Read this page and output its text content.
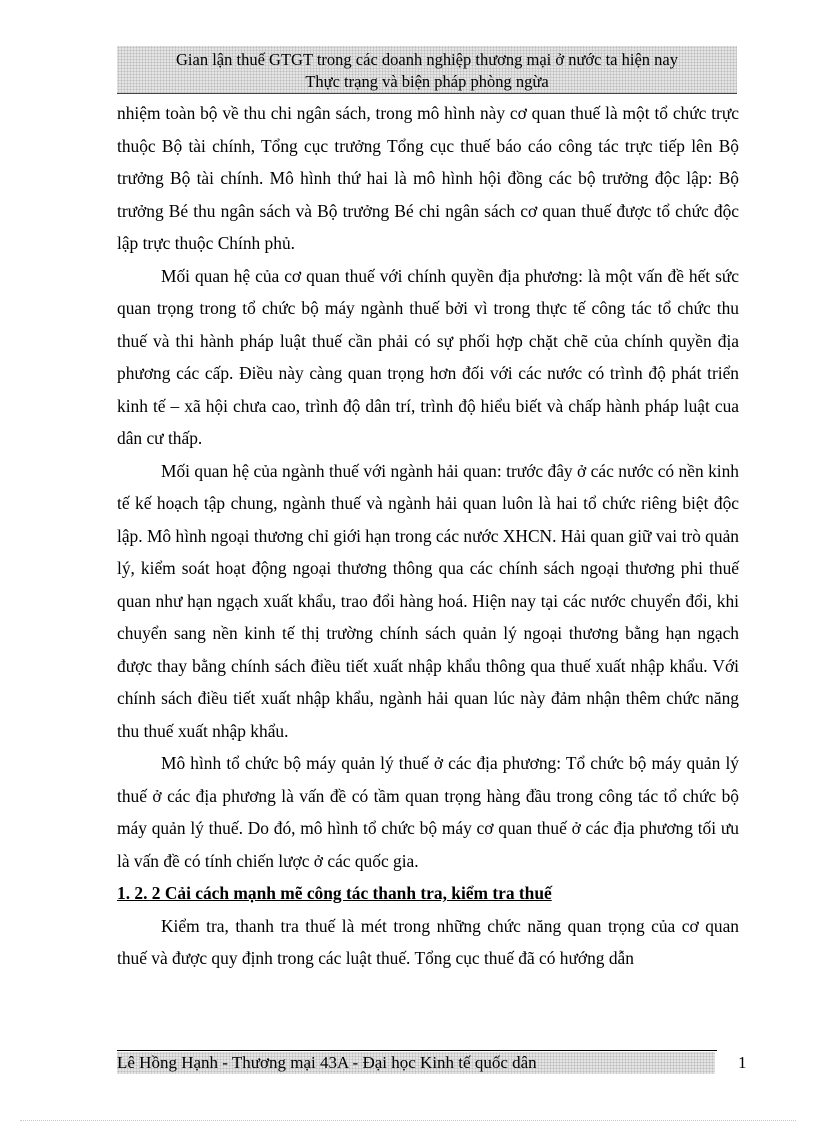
Gian lận thuế GTGT trong các doanh nghiệp thương mại ở nước ta hiện nay
Thực trạng và biện pháp phòng ngừa

nhiệm toàn bộ về thu chi ngân sách, trong mô hình này cơ quan thuế là một tổ chức trực thuộc Bộ tài chính, Tổng cục trưởng Tổng cục thuế báo cáo công tác trực tiếp lên Bộ trưởng Bộ tài chính. Mô hình thứ hai là mô hình hội đồng các bộ trưởng độc lập: Bộ trưởng Bé thu ngân sách và Bộ trưởng Bé chi ngân sách cơ quan thuế được tổ chức độc lập trực thuộc Chính phủ.

Mối quan hệ của cơ quan thuế với chính quyền địa phương: là một vấn đề hết sức quan trọng trong tổ chức bộ máy ngành thuế bởi vì trong thực tế công tác tổ chức thu thuế và thi hành pháp luật thuế cần phải có sự phối hợp chặt chẽ của chính quyền địa phương các cấp. Điều này càng quan trọng hơn đối với các nước có trình độ phát triển kinh tế – xã hội chưa cao, trình độ dân trí, trình độ hiểu biết và chấp hành pháp luật cua dân cư thấp.

Mối quan hệ của ngành thuế với ngành hải quan: trước đây ở các nước có nền kinh tế kế hoạch tập chung, ngành thuế và ngành hải quan luôn là hai tổ chức riêng biệt độc lập. Mô hình ngoại thương chỉ giới hạn trong các nước XHCN. Hải quan giữ vai trò quản lý, kiểm soát hoạt động ngoại thương thông qua các chính sách ngoại thương phi thuế quan như hạn ngạch xuất khẩu, trao đổi hàng hoá. Hiện nay tại các nước chuyển đổi, khi chuyển sang nền kinh tế thị trường chính sách quản lý ngoại thương bằng hạn ngạch được thay bằng chính sách điều tiết xuất nhập khẩu thông qua thuế xuất nhập khẩu. Với chính sách điều tiết xuất nhập khẩu, ngành hải quan lúc này đảm nhận thêm chức năng thu thuế xuất nhập khẩu.

Mô hình tổ chức bộ máy quản lý thuế ở các địa phương: Tổ chức bộ máy quản lý thuế ở các địa phương là vấn đề có tầm quan trọng hàng đầu trong công tác tổ chức bộ máy quản lý thuế. Do đó, mô hình tổ chức bộ máy cơ quan thuế ở các địa phương tối ưu là vấn đề có tính chiến lược ở các quốc gia.

1. 2. 2 Cải cách mạnh mẽ công tác thanh tra, kiểm tra thuế

Kiểm tra, thanh tra thuế là mét trong những chức năng quan trọng của cơ quan thuế và được quy định trong các luật thuế. Tổng cục thuế đã có hướng dẫn

Lê Hồng Hạnh - Thương mại 43A - Đại học Kinh tế quốc dân	1
